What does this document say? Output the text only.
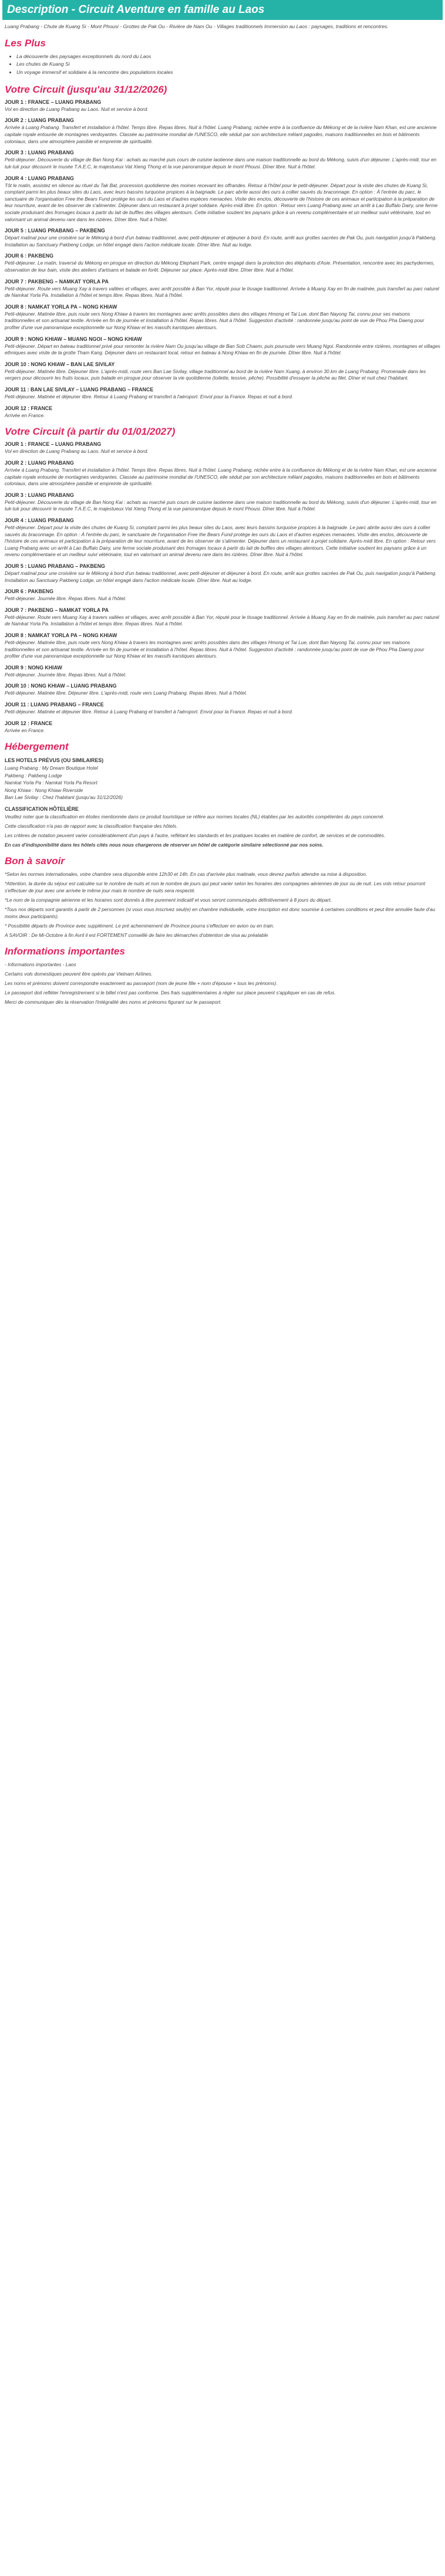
Description - Circuit Aventure en famille au Laos

Luang Prabang - Chute de Kuang Si - Mont Phousi - Grottes de Pak Ou - Rivière de Nam Ou - Villages traditionnels Immersion au Laos : paysages, traditions et rencontres.

Les Plus
• La découverte des paysages exceptionnels du nord du Laos
• Les chutes de Kuang Si
• Un voyage immersif et solidaire à la rencontre des populations locales
Votre Circuit (jusqu'au 31/12/2026)
JOUR 1 : FRANCE – LUANG PRABANG

Vol en direction de Luang Prabang au Laos. Nuit et service à bord.

JOUR 2 : LUANG PRABANG

Arrivée à Luang Prabang. Transfert et installation à l'hôtel. Temps libre. Repas libres. Nuit à l'hôtel. Luang Prabang, nichée entre à la confluence du Mékong et de la rivière Nam Khan, est une ancienne capitale royale entourée de montagnes verdoyantes. Classée au patrimoine mondial de l'UNESCO, elle séduit par son architecture mêlant pagodes, maisons traditionnelles en bois et bâtiments coloniaux, dans une atmosphère paisible et empreinte de spiritualité.

JOUR 3 : LUANG PRABANG

Petit-déjeuner. Découverte du village de Ban Nong Kai : achats au marché puis cours de cuisine laotienne dans une maison traditionnelle au bord du Mékong, suivis d'un déjeuner. L'après-midi, tour en tuk-tuk pour découvrir le musée T.A.E.C, le majestueux Vat Xieng Thong et la vue panoramique depuis le mont Phousi. Dîner libre. Nuit à l'hôtel.

JOUR 4 : LUANG PRABANG

Tôt le matin, assistez en silence au rituel du Tak Bat, procession quotidienne des moines recevant les offrandes. Retour à l'hôtel pour le petit-déjeuner. Départ pour la visite des chutes de Kuang Si, comptant parmi les plus beaux sites du Laos, avec leurs bassins turquoise propices à la baignade. Le parc abrite aussi des ours à collier sauvés du braconnage. En option : À l'entrée du parc, le sanctuaire de l'organisation Free the Bears Fund protège les ours du Laos et d'autres espèces menacées. Visite des enclos, découverte de l'histoire de ces animaux et participation à la préparation de leur nourriture, avant de les observer de s'alimenter. Déjeuner dans un restaurant à projet solidaire. Après-midi libre. En option : Retour vers Luang Prabang avec un arrêt à Lao Buffalo Dairy, une ferme sociale produisant des fromages locaux à partir du lait de buffles des villages alentours. Cette initiative soutient les paysans grâce à un revenu complémentaire et un meilleur suivi vétérinaire, tout en valorisant un animal devenu rare dans les rizières. Dîner libre. Nuit à l'hôtel.

JOUR 5 : LUANG PRABANG – PAKBENG

Départ matinal pour une croisière sur le Mékong à bord d'un bateau traditionnel, avec petit-déjeuner et déjeuner à bord. En route, arrêt aux grottes sacrées de Pak Ou, puis navigation jusqu'à Pakbeng. Installation au Sanctuary Pakbeng Lodge, un hôtel engagé dans l'action médicale locale. Dîner libre. Nuit au lodge.

JOUR 6 : PAKBENG

Petit-déjeuner. Le matin, traversé du Mékong en pirogue en direction du Mékong Elephant Park, centre engagé dans la protection des éléphants d'Asie. Présentation, rencontre avec les pachydermes, observation de leur bain, visite des ateliers d'artisans et balade en forêt. Déjeuner sur place. Après-midi libre. Dîner libre. Nuit à l'hôtel.

JOUR 7 : PAKBENG – NAMKAT YORLA PA

Petit-déjeuner. Route vers Muang Xay à travers vallées et villages, avec arrêt possible à Ban Yor, réputé pour le tissage traditionnel. Arrivée à Muang Xay en fin de matinée, puis transfert au parc naturel de Namkat Yorla Pa. Installation à l'hôtel et temps libre. Repas libres. Nuit à l'hôtel.

JOUR 8 : NAMKAT YORLA PA – NONG KHIAW

Petit-déjeuner. Matinée libre, puis route vers Nong Khiaw à travers les montagnes avec arrêts possibles dans des villages Hmong et Tai Lue, dont Ban Nayong Tai, connu pour ses maisons traditionnelles et son artisanat textile. Arrivée en fin de journée et installation à l'hôtel. Repas libres. Nuit à l'hôtel. Suggestion d'activité : randonnée jusqu'au point de vue de Phou Pha Daeng pour profiter d'une vue panoramique exceptionnelle sur Nong Khiaw et les massifs karstiques alentours.

JOUR 9 : NONG KHIAW – MUANG NGOI – NONG KHIAW

Petit-déjeuner. Départ en bateau traditionnel privé pour remonter la rivière Nam Ou jusqu'au village de Ban Sob Chaem, puis poursuite vers Muang Ngoi. Randonnée entre rizières, montagnes et villages ethniques avec visite de la grotte Tham Kang. Déjeuner dans un restaurant local, retour en bateau à Nong Khiaw en fin de journée. Dîner libre. Nuit à l'hôtel.

JOUR 10 : NONG KHIAW – BAN LAE SIVILAY

Petit-déjeuner. Matinée libre. Déjeuner libre. L'après-midi, route vers Ban Lae Sivilay, village traditionnel au bord de la rivière Nam Xuang, à environ 30 km de Luang Prabang. Promenade dans les vergers pour découvrir les fruits locaux, puis balade en pirogue pour observer la vie quotidienne (toilette, lessive, pêche). Possibilité d'essayer la pêche au filet. Dîner et nuit chez l'habitant.

JOUR 11 : BAN LAE SIVILAY – LUANG PRABANG – FRANCE

Petit-déjeuner. Matinée et déjeuner libre. Retour à Luang Prabang et transfert à l'aéroport. Envol pour la France. Repas et nuit à bord.

JOUR 12 : FRANCE

Arrivée en France.

Votre Circuit (à partir du 01/01/2027)
JOUR 1 : FRANCE – LUANG PRABANG

Vol en direction de Luang Prabang au Laos. Nuit et service à bord.

JOUR 2 : LUANG PRABANG

Arrivée à Luang Prabang. Transfert et installation à l'hôtel. Temps libre. Repas libres. Nuit à l'hôtel. Luang Prabang, nichée entre à la confluence du Mékong et de la rivière Nam Khan, est une ancienne capitale royale entourée de montagnes verdoyantes. Classée au patrimoine mondial de l'UNESCO, elle séduit par son architecture mêlant pagodes, maisons traditionnelles en bois et bâtiments coloniaux, dans une atmosphère paisible et empreinte de spiritualité.

JOUR 3 : LUANG PRABANG

Petit-déjeuner. Découverte du village de Ban Nong Kai : achats au marché puis cours de cuisine laotienne dans une maison traditionnelle au bord du Mékong, suivis d'un déjeuner. L'après-midi, tour en tuk-tuk pour découvrir le musée T.A.E.C, le majestueux Vat Xieng Thong et la vue panoramique depuis le mont Phousi. Dîner libre. Nuit à l'hôtel.

JOUR 4 : LUANG PRABANG

Petit-déjeuner. Départ pour la visite des chutes de Kuang Si, comptant parmi les plus beaux sites du Laos, avec leurs bassins turquoise propices à la baignade. Le parc abrite aussi des ours à collier sauvés du braconnage. En option : À l'entrée du parc, le sanctuaire de l'organisation Free the Bears Fund protège les ours du Laos et d'autres espèces menacées. Visite des enclos, découverte de l'histoire de ces animaux et participation à la préparation de leur nourriture, avant de les observer de s'alimenter. Déjeuner dans un restaurant à projet solidaire. Après-midi libre. En option : Retour vers Luang Prabang avec un arrêt à Lao Buffalo Dairy, une ferme sociale produisant des fromages locaux à partir du lait de buffles des villages alentours. Cette initiative soutient les paysans grâce à un revenu complémentaire et un meilleur suivi vétérinaire, tout en valorisant un animal devenu rare dans les rizières. Dîner libre. Nuit à l'hôtel.

JOUR 5 : LUANG PRABANG – PAKBENG

Départ matinal pour une croisière sur le Mékong à bord d'un bateau traditionnel, avec petit-déjeuner et déjeuner à bord. En route, arrêt aux grottes sacrées de Pak Ou, puis navigation jusqu'à Pakbeng. Installation au Sanctuary Pakbeng Lodge, un hôtel engagé dans l'action médicale locale. Dîner libre. Nuit au lodge.

JOUR 6 : PAKBENG

Petit-déjeuner. Journée libre. Repas libres. Nuit à l'hôtel.

JOUR 7 : PAKBENG – NAMKAT YORLA PA

Petit-déjeuner. Route vers Muang Xay à travers vallées et villages, avec arrêt possible à Ban Yor, réputé pour le tissage traditionnel. Arrivée à Muang Xay en fin de matinée, puis transfert au parc naturel de Namkat Yorla Pa. Installation à l'hôtel et temps libre. Repas libres. Nuit à l'hôtel.

JOUR 8 : NAMKAT YORLA PA – NONG KHIAW

Petit-déjeuner. Matinée libre, puis route vers Nong Khiaw à travers les montagnes avec arrêts possibles dans des villages Hmong et Tai Lue, dont Ban Nayong Tai, connu pour ses maisons traditionnelles et son artisanat textile. Arrivée en fin de journée et installation à l'hôtel. Repas libres. Nuit à l'hôtel. Suggestion d'activité : randonnée jusqu'au point de vue de Phou Pha Daeng pour profiter d'une vue panoramique exceptionnelle sur Nong Khiaw et les massifs karstiques alentours.

JOUR 9 : NONG KHIAW

Petit-déjeuner. Journée libre. Repas libres. Nuit à l'hôtel.

JOUR 10 : NONG KHIAW – LUANG PRABANG

Petit-déjeuner. Matinée libre. Déjeuner libre. L'après-midi, route vers Luang Prabang. Repas libres. Nuit à l'hôtel.

JOUR 11 : LUANG PRABANG – FRANCE

Petit-déjeuner. Matinée et déjeuner libre. Retour à Luang Prabang et transfert à l'aéroport. Envol pour la France. Repas et nuit à bord.

JOUR 12 : FRANCE

Arrivée en France.

Hébergement
LES HOTELS PRÉVUS (OU SIMILAIRES)
Luang Prabang : My Dream Boutique Hotel
Pakbeng : Pakbeng Lodge
Namkat Yorla Pa : Namkat Yorla Pa Resort
Nong Khiaw : Nong Khiaw Riverside
Ban Lae Sivilay : Chez l'habitant (jusqu'au 31/12/2026)
CLASSIFICATION HÔTELIÈRE

Veuillez noter que la classification en étoiles mentionnée dans ce produit touristique se réfère aux normes locales (NL) établies par les autorités compétentes du pays concerné.

Cette classification n'a pas de rapport avec la classification française des hôtels.

Les critères de notation peuvent varier considérablement d'un pays à l'autre, reflétant les standards et les pratiques locales en matière de confort, de services et de commodités.

En cas d'indisponibilité dans les hôtels cités nous nous chargerons de réserver un hôtel de catégorie similaire sélectionné par nos soins.

Bon à savoir

*Selon les normes internationales, votre chambre sera disponible entre 12h30 et 14h. En cas d'arrivée plus matinale, vous devrez parfois attendre sa mise à disposition.

*Attention, la durée du séjour est calculée sur le nombre de nuits et non le nombre de jours qui peut varier selon les horaires des compagnies aériennes de jour ou de nuit. Les vols retour pourront s'effectuer de jour avec une arrivée le même jour mais le nombre de nuits sera respecté.

*Le nom de la compagnie aérienne et les horaires sont donnés à titre purement indicatif et vous seront communiqués définitivement à 8 jours du départ.

*Tous nos départs sont garantis à partir de 2 personnes (si vous vous inscrivez seul(e) en chambre individuelle, votre inscription est donc soumise à certaines conditions et peut être annulée faute d'au moins deux participants).

* Possibilité départs de Province avec supplément. Le pré acheminement de Province pourra s'effectuer en avion ou en train.

A SAVOIR : De Mi-Octobre à fin Avril il est FORTEMENT conseillé de faire les démarches d'obtention de visa au préalable

Informations importantes

- Informations importantes - Laos

Certains vols domestiques peuvent être opérés par Vietnam Airlines.

Les noms et prénoms doivent correspondre exactement au passeport (nom de jeune fille + nom d'épouse + tous les prénoms).

Le passeport doit refléter l'enregistrement si le billet n'est pas conforme. Des frais supplémentaires à régler sur place peuvent s'appliquer en cas de refus.

Merci de communiquer dès la réservation l'intégralité des noms et prénoms figurant sur le passeport.
